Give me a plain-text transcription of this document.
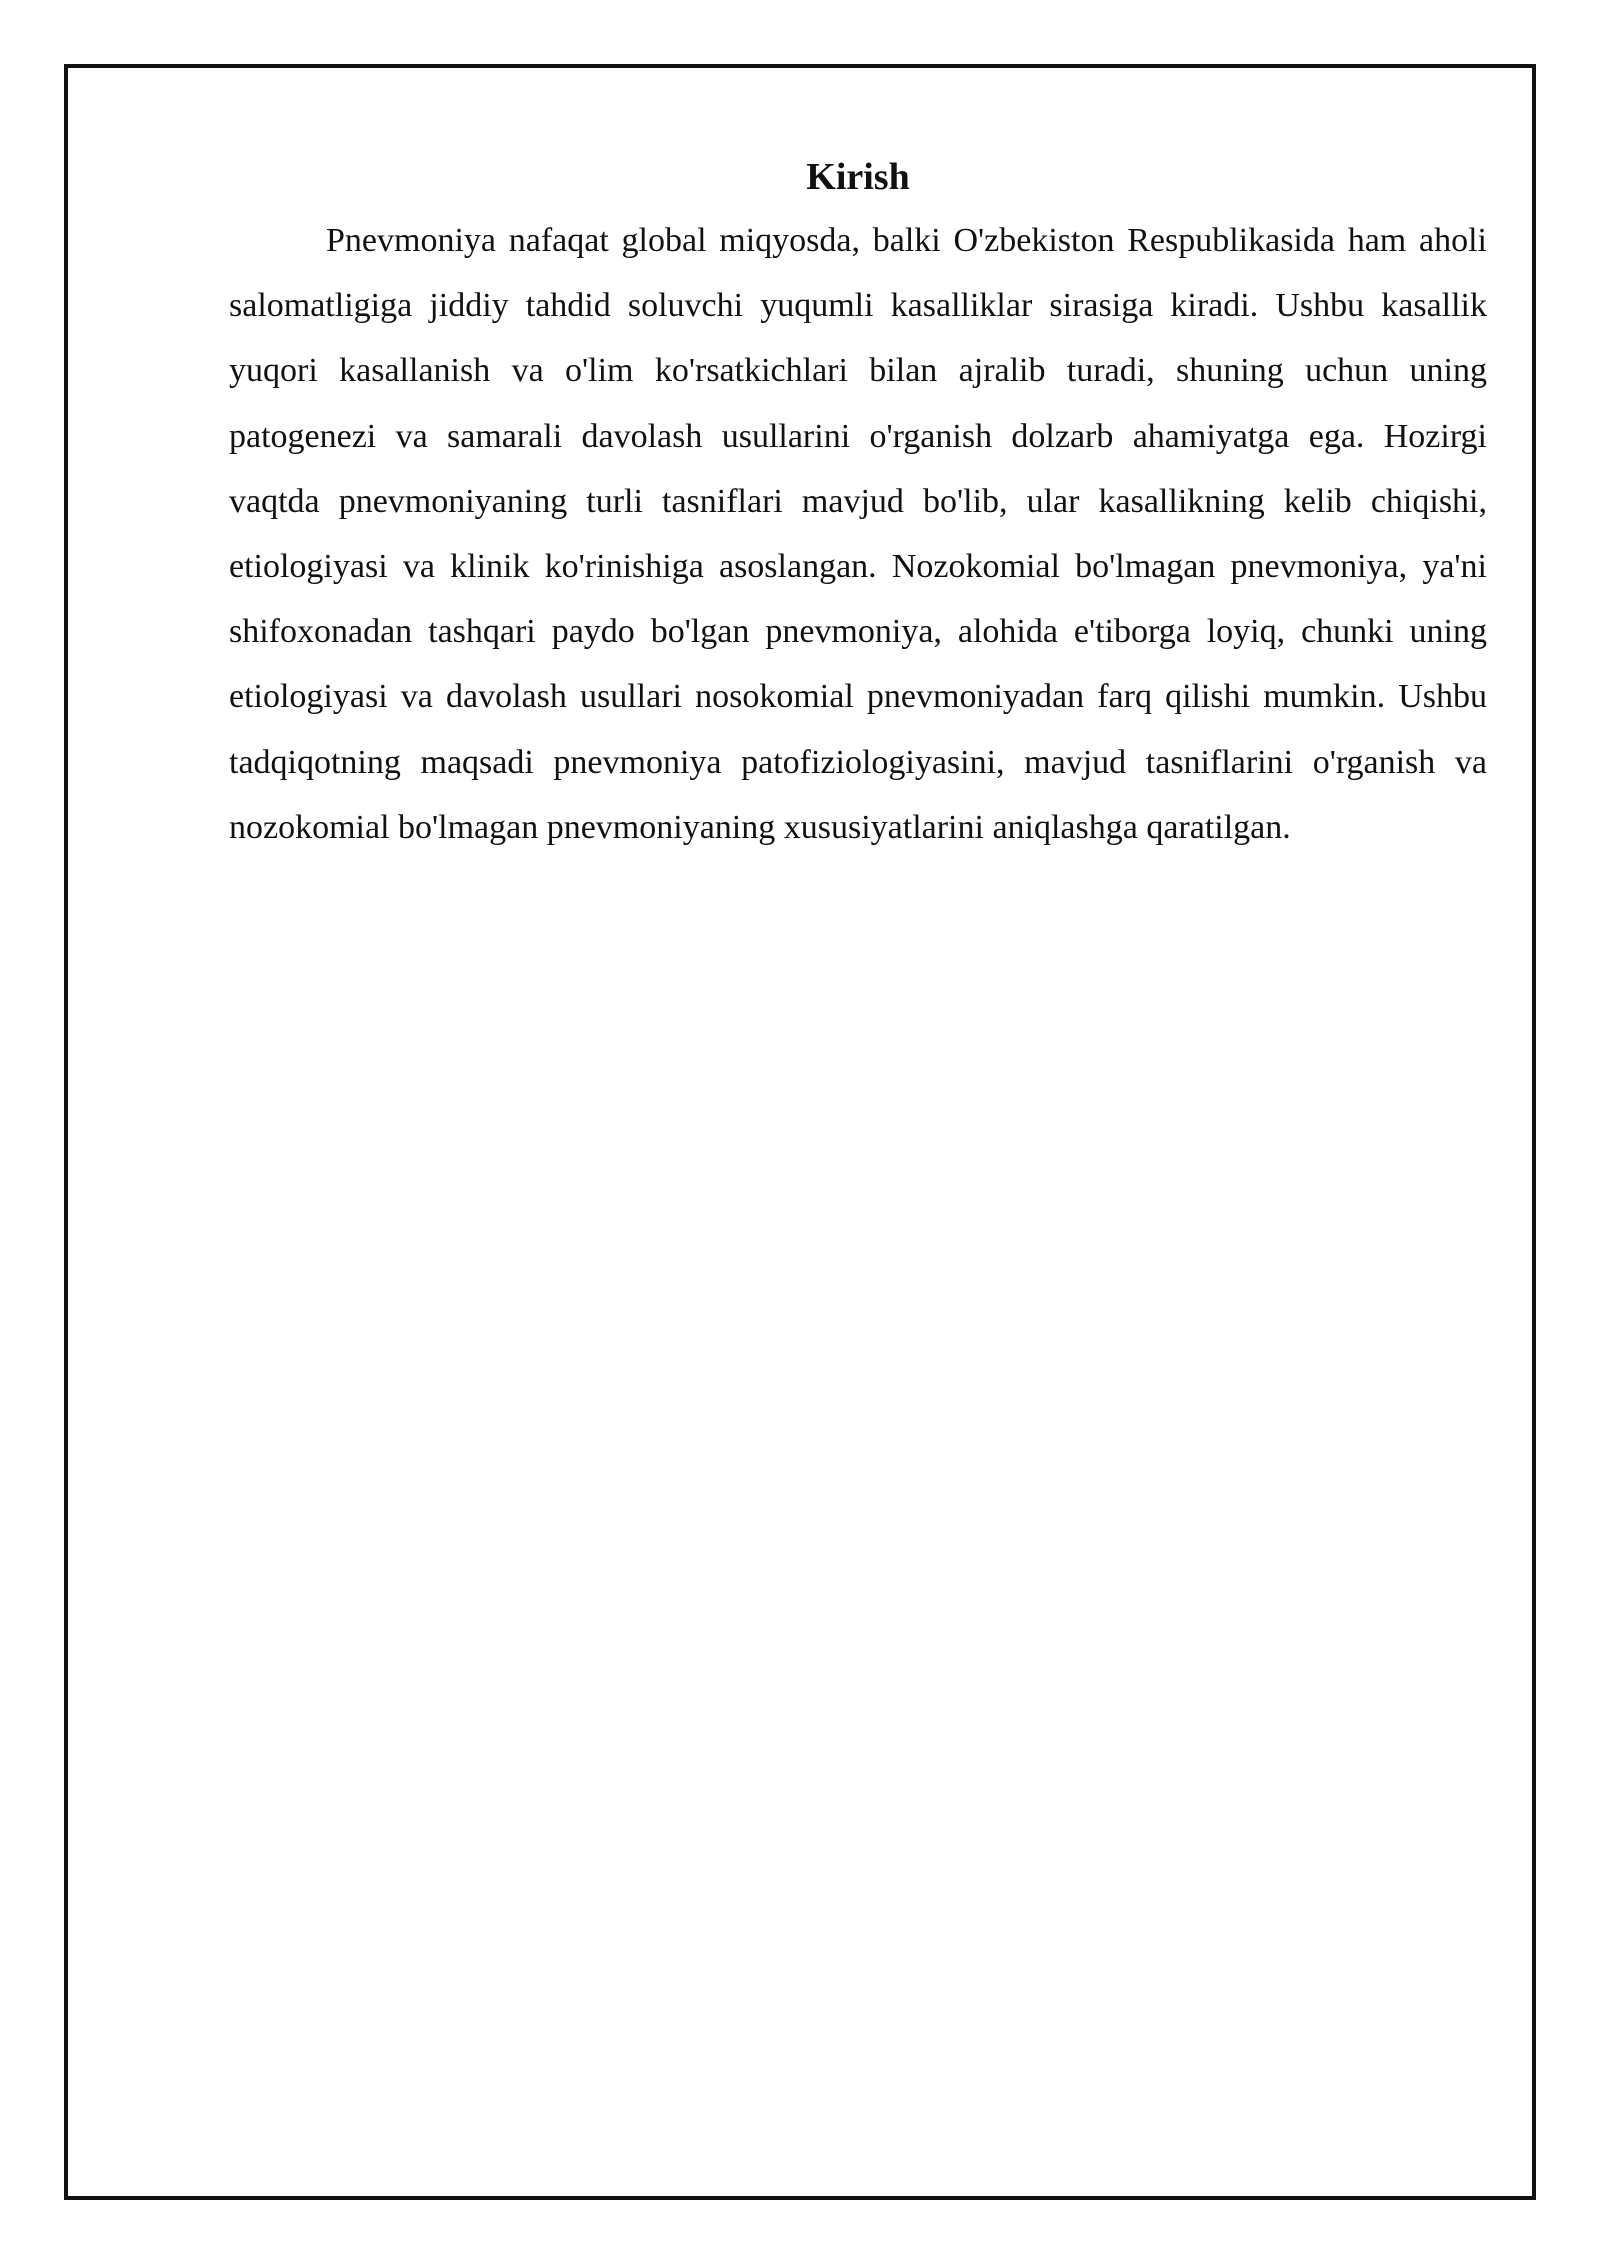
Kirish

Pnevmoniya nafaqat global miqyosda, balki O'zbekiston Respublikasida ham aholi salomatligiga jiddiy tahdid soluvchi yuqumli kasalliklar sirasiga kiradi. Ushbu kasallik yuqori kasallanish va o'lim ko'rsatkichlari bilan ajralib turadi, shuning uchun uning patogenezi va samarali davolash usullarini o'rganish dolzarb ahamiyatga ega. Hozirgi vaqtda pnevmoniyaning turli tasniflari mavjud bo'lib, ular kasallikning kelib chiqishi, etiologiyasi va klinik ko'rinishiga asoslangan. Nozokomial bo'lmagan pnevmoniya, ya'ni shifoxonadan tashqari paydo bo'lgan pnevmoniya, alohida e'tiborga loyiq, chunki uning etiologiyasi va davolash usullari nosokomial pnevmoniyadan farq qilishi mumkin. Ushbu tadqiqotning maqsadi pnevmoniya patofiziologiyasini, mavjud tasniflarini o'rganish va nozokomial bo'lmagan pnevmoniyaning xususiyatlarini aniqlashga qaratilgan.
